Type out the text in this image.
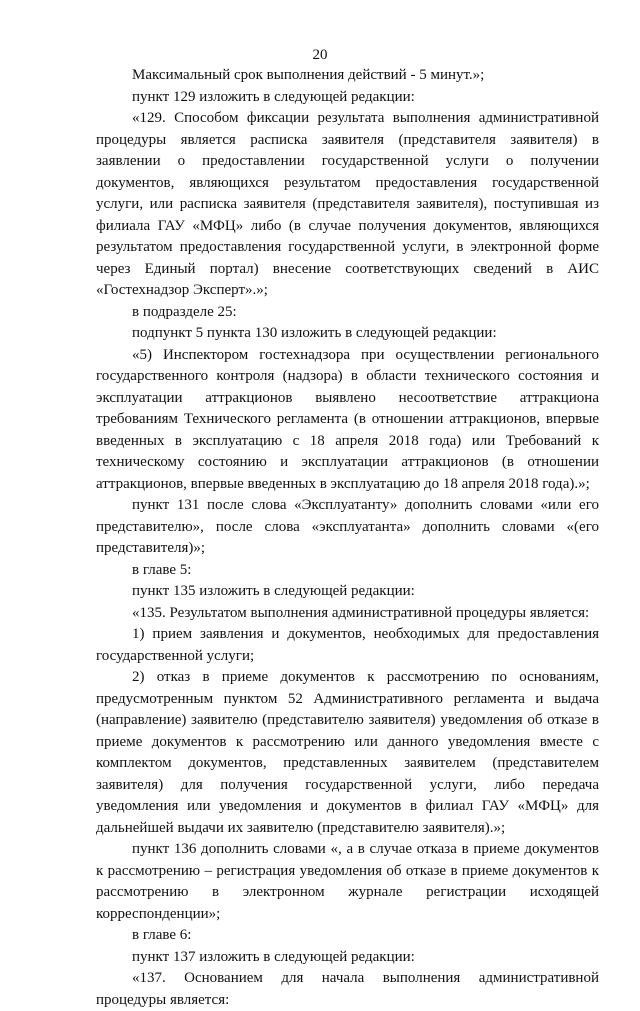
20

Максимальный срок выполнения действий - 5 минут.»;

пункт 129 изложить в следующей редакции:

«129. Способом фиксации результата выполнения административной процедуры является расписка заявителя (представителя заявителя) в заявлении о предоставлении государственной услуги о получении документов, являющихся результатом предоставления государственной услуги, или расписка заявителя (представителя заявителя), поступившая из филиала ГАУ «МФЦ» либо (в случае получения документов, являющихся результатом предоставления государственной услуги, в электронной форме через Единый портал) внесение соответствующих сведений в АИС «Гостехнадзор Эксперт».»;

в подразделе 25:

подпункт 5 пункта 130 изложить в следующей редакции:

«5) Инспектором гостехнадзора при осуществлении регионального государственного контроля (надзора) в области технического состояния и эксплуатации аттракционов выявлено несоответствие аттракциона требованиям Технического регламента (в отношении аттракционов, впервые введенных в эксплуатацию с 18 апреля 2018 года) или Требований к техническому состоянию и эксплуатации аттракционов (в отношении аттракционов, впервые введенных в эксплуатацию до 18 апреля 2018 года).»;

пункт 131 после слова «Эксплуатанту» дополнить словами «или его представителю», после слова «эксплуатанта» дополнить словами «(его представителя)»;

в главе 5:

пункт 135 изложить в следующей редакции:

«135. Результатом выполнения административной процедуры является:

1) прием заявления и документов, необходимых для предоставления государственной услуги;

2) отказ в приеме документов к рассмотрению по основаниям, предусмотренным пунктом 52 Административного регламента и выдача (направление) заявителю (представителю заявителя) уведомления об отказе в приеме документов к рассмотрению или данного уведомления вместе с комплектом документов, представленных заявителем (представителем заявителя) для получения государственной услуги, либо передача уведомления или уведомления и документов в филиал ГАУ «МФЦ» для дальнейшей выдачи их заявителю (представителю заявителя).»;

пункт 136 дополнить словами «, а в случае отказа в приеме документов к рассмотрению – регистрация уведомления об отказе в приеме документов к рассмотрению в электронном журнале регистрации исходящей корреспонденции»;

в главе 6:

пункт 137 изложить в следующей редакции:

«137. Основанием для начала выполнения административной процедуры является:
